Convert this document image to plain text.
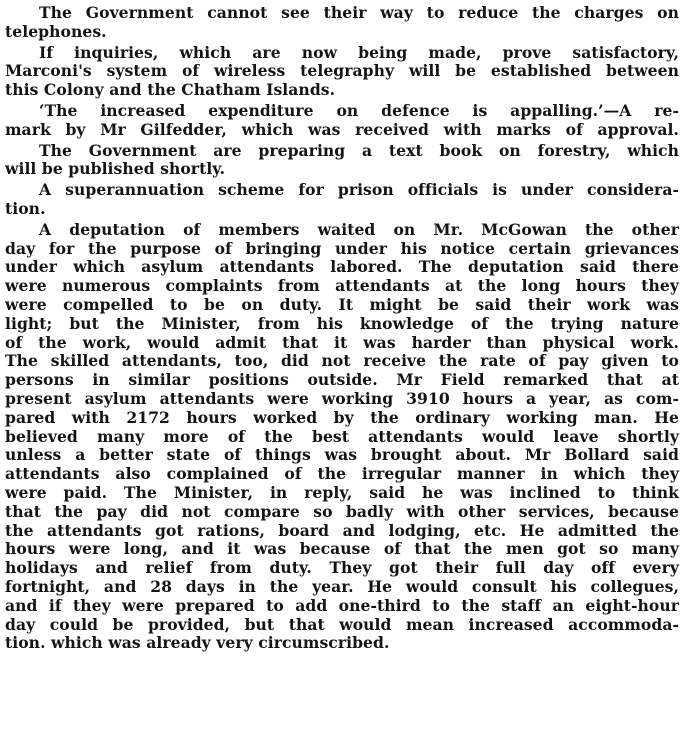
The Government cannot see their way to reduce the charges on
telephones.
If inquiries, which are now being made, prove satisfactory,
Marconi's system of wireless telegraphy will be established between
this Colony and the Chatham Islands.
‘The increased expenditure on defence is appalling.’—A re-
mark by Mr Gilfedder, which was received with marks of approval.
The Government are preparing a text book on forestry, which
will be published shortly.
A superannuation scheme for prison officials is under considera-
tion.
A deputation of members waited on Mr. McGowan the other
day for the purpose of bringing under his notice certain grievances
under which asylum attendants labored. The deputation said there
were numerous complaints from attendants at the long hours they
were compelled to be on duty. It might be said their work was
light; but the Minister, from his knowledge of the trying nature
of the work, would admit that it was harder than physical work.
The skilled attendants, too, did not receive the rate of pay given to
persons in similar positions outside. Mr Field remarked that at
present asylum attendants were working 3910 hours a year, as com-
pared with 2172 hours worked by the ordinary working man. He
believed many more of the best attendants would leave shortly
unless a better state of things was brought about. Mr Bollard said
attendants also complained of the irregular manner in which they
were paid. The Minister, in reply, said he was inclined to think
that the pay did not compare so badly with other services, because
the attendants got rations, board and lodging, etc. He admitted the
hours were long, and it was because of that the men got so many
holidays and relief from duty. They got their full day off every
fortnight, and 28 days in the year. He would consult his collegues,
and if they were prepared to add one-third to the staff an eight-hour
day could be provided, but that would mean increased accommoda-
tion. which was already very circumscribed.
